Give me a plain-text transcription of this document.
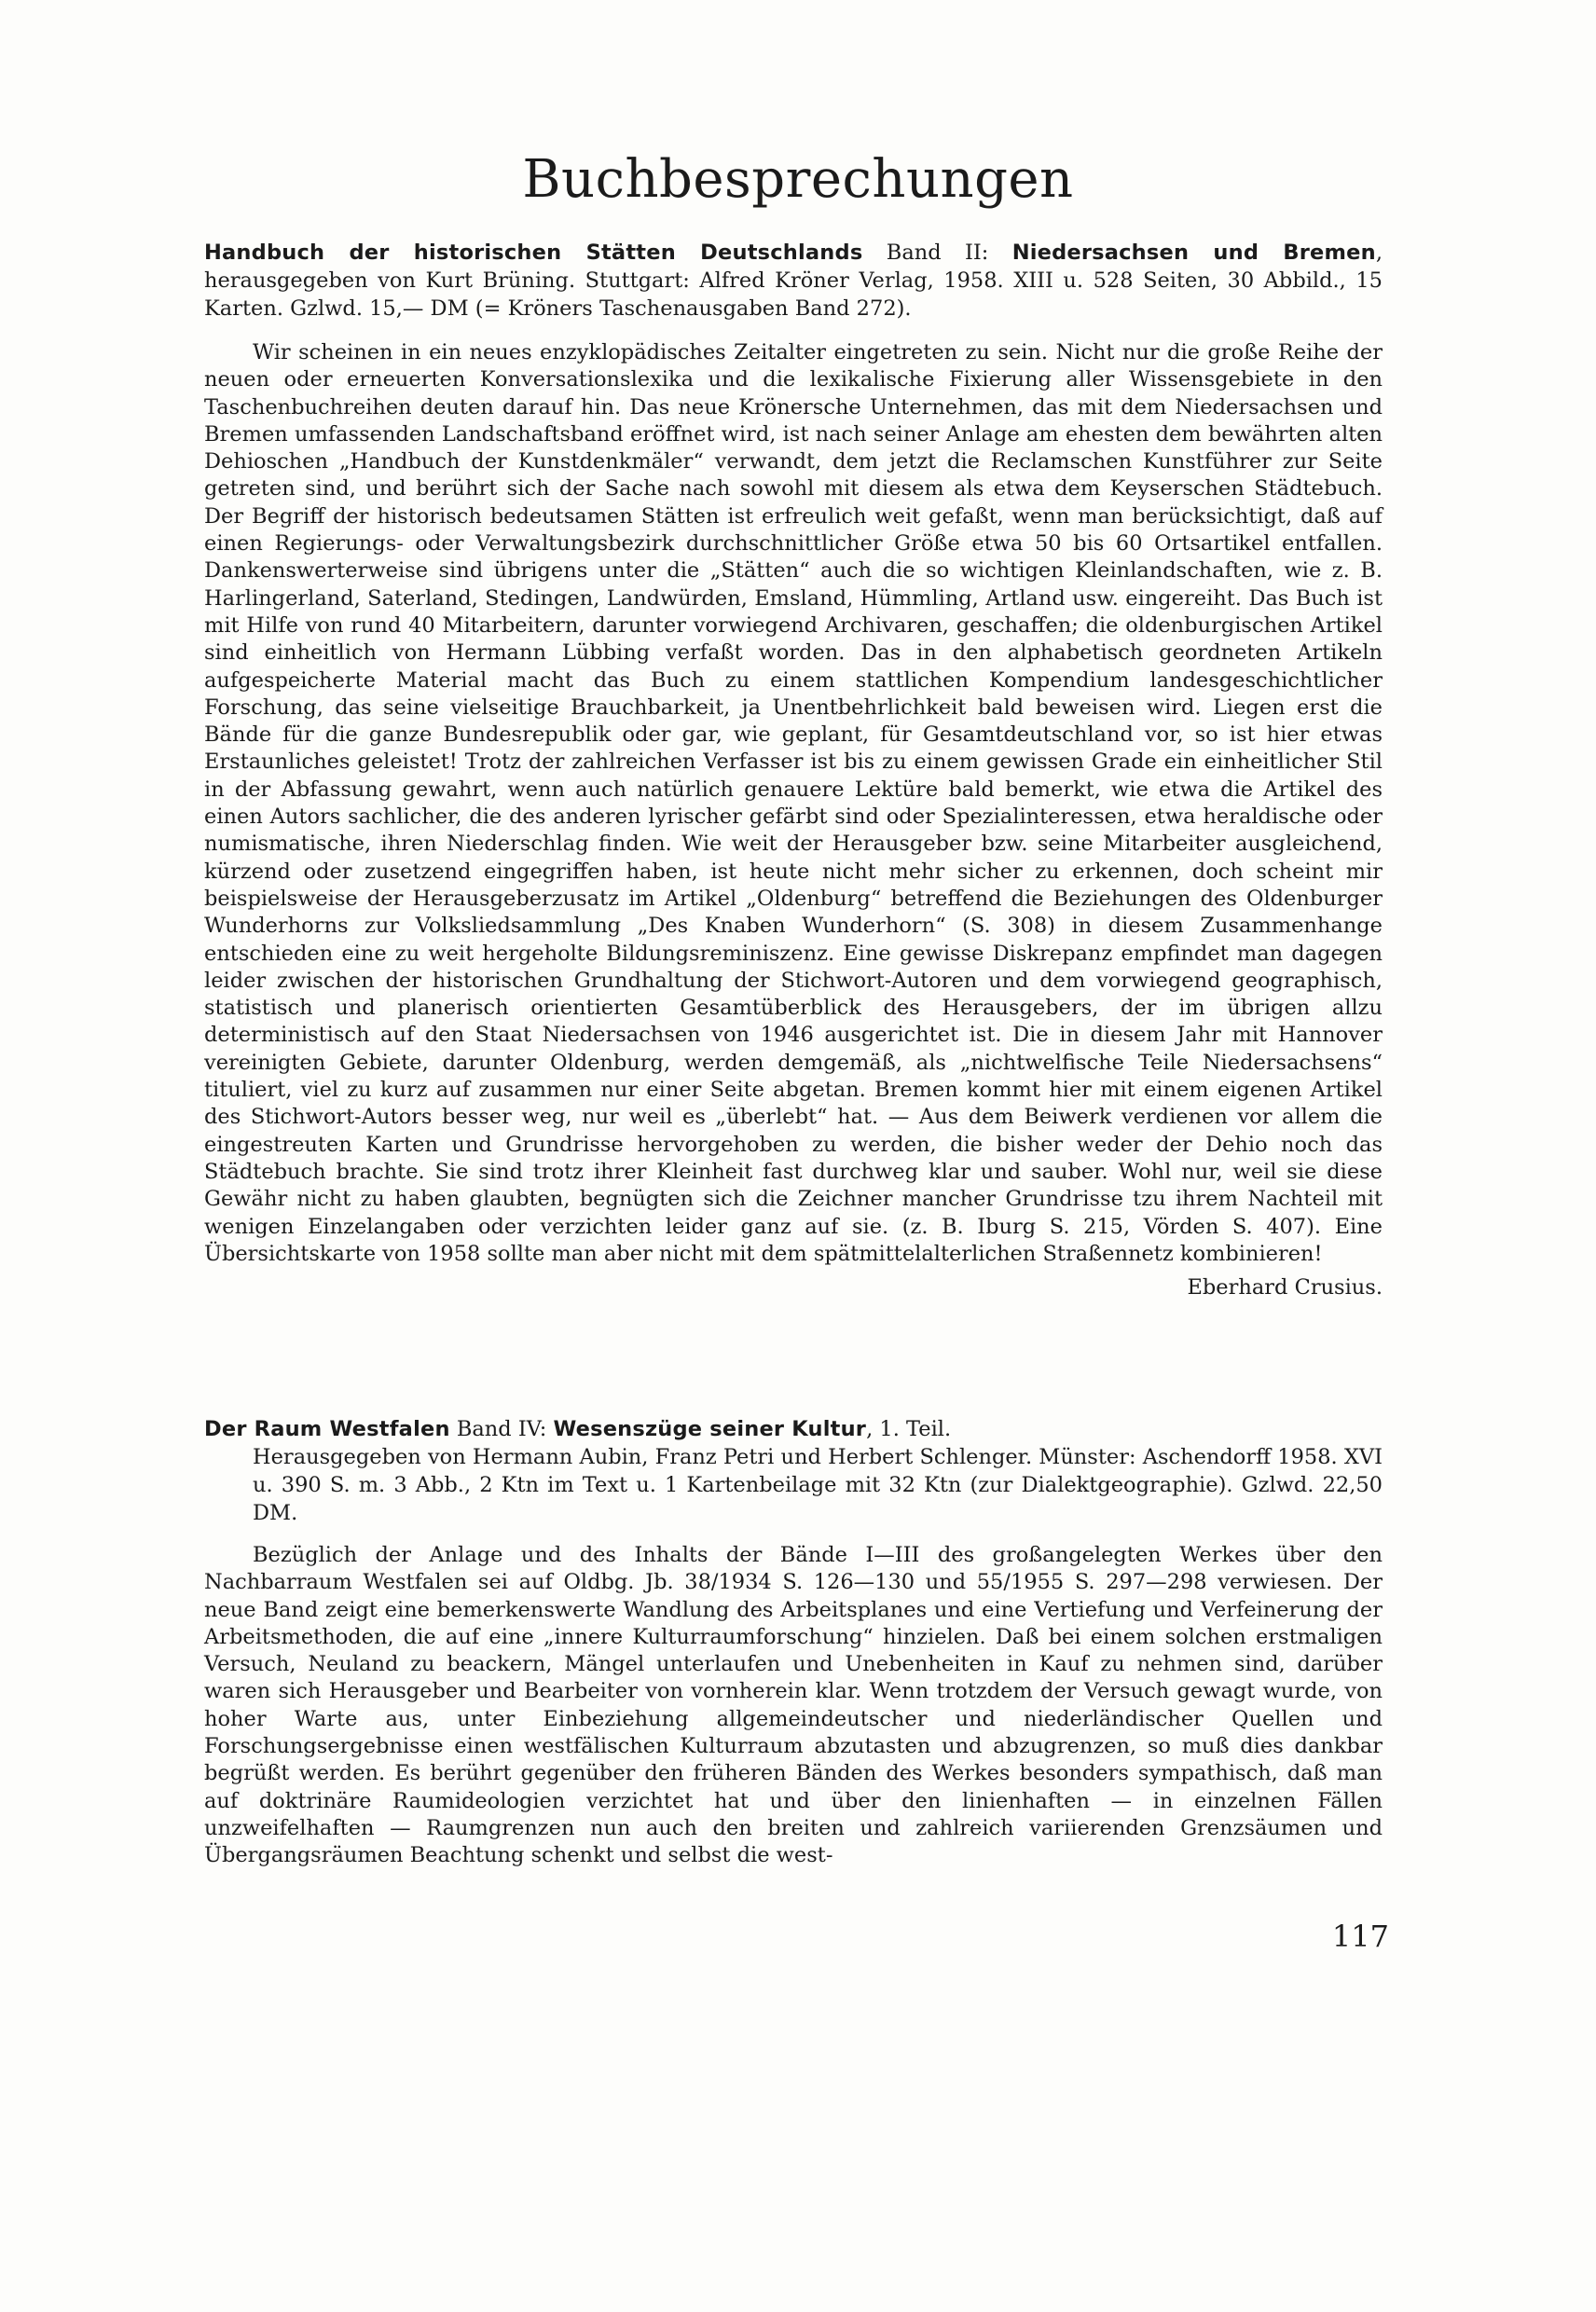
Buchbesprechungen
Handbuch der historischen Stätten Deutschlands Band II: Niedersachsen und Bremen, herausgegeben von Kurt Brüning. Stuttgart: Alfred Kröner Verlag, 1958. XIII u. 528 Seiten, 30 Abbild., 15 Karten. Gzlwd. 15,— DM (= Kröners Taschenausgaben Band 272).

Wir scheinen in ein neues enzyklopädisches Zeitalter eingetreten zu sein. Nicht nur die große Reihe der neuen oder erneuerten Konversationslexika und die lexikalische Fixierung aller Wissensgebiete in den Taschenbuchreihen deuten darauf hin. Das neue Krönersche Unternehmen, das mit dem Niedersachsen und Bremen umfassenden Landschaftsband eröffnet wird, ist nach seiner Anlage am ehesten dem bewährten alten Dehioschen „Handbuch der Kunstdenkmäler“ verwandt, dem jetzt die Reclamschen Kunstführer zur Seite getreten sind, und berührt sich der Sache nach sowohl mit diesem als etwa dem Keyserschen Städtebuch. Der Begriff der historisch bedeutsamen Stätten ist erfreulich weit gefaßt, wenn man berücksichtigt, daß auf einen Regierungs- oder Verwaltungsbezirk durchschnittlicher Größe etwa 50 bis 60 Ortsartikel entfallen. Dankenswerterweise sind übrigens unter die „Stätten“ auch die so wichtigen Kleinlandschaften, wie z. B. Harlingerland, Saterland, Stedingen, Landwürden, Emsland, Hümmling, Artland usw. eingereiht. Das Buch ist mit Hilfe von rund 40 Mitarbeitern, darunter vorwiegend Archivaren, geschaffen; die oldenburgischen Artikel sind einheitlich von Hermann Lübbing verfaßt worden. Das in den alphabetisch geordneten Artikeln aufgespeicherte Material macht das Buch zu einem stattlichen Kompendium landesgeschichtlicher Forschung, das seine vielseitige Brauchbarkeit, ja Unentbehrlichkeit bald beweisen wird. Liegen erst die Bände für die ganze Bundesrepublik oder gar, wie geplant, für Gesamtdeutschland vor, so ist hier etwas Erstaunliches geleistet! Trotz der zahlreichen Verfasser ist bis zu einem gewissen Grade ein einheitlicher Stil in der Abfassung gewahrt, wenn auch natürlich genauere Lektüre bald bemerkt, wie etwa die Artikel des einen Autors sachlicher, die des anderen lyrischer gefärbt sind oder Spezialinteressen, etwa heraldische oder numismatische, ihren Niederschlag finden. Wie weit der Herausgeber bzw. seine Mitarbeiter ausgleichend, kürzend oder zusetzend eingegriffen haben, ist heute nicht mehr sicher zu erkennen, doch scheint mir beispielsweise der Herausgeberzusatz im Artikel „Oldenburg“ betreffend die Beziehungen des Oldenburger Wunderhorns zur Volksliedsammlung „Des Knaben Wunderhorn“ (S. 308) in diesem Zusammenhange entschieden eine zu weit hergeholte Bildungsreminiszenz. Eine gewisse Diskrepanz empfindet man dagegen leider zwischen der historischen Grundhaltung der Stichwort-Autoren und dem vorwiegend geographisch, statistisch und planerisch orientierten Gesamtüberblick des Herausgebers, der im übrigen allzu deterministisch auf den Staat Niedersachsen von 1946 ausgerichtet ist. Die in diesem Jahr mit Hannover vereinigten Gebiete, darunter Oldenburg, werden demgemäß, als „nichtwelfische Teile Niedersachsens“ tituliert, viel zu kurz auf zusammen nur einer Seite abgetan. Bremen kommt hier mit einem eigenen Artikel des Stichwort-Autors besser weg, nur weil es „überlebt“ hat. — Aus dem Beiwerk verdienen vor allem die eingestreuten Karten und Grundrisse hervorgehoben zu werden, die bisher weder der Dehio noch das Städtebuch brachte. Sie sind trotz ihrer Kleinheit fast durchweg klar und sauber. Wohl nur, weil sie diese Gewähr nicht zu haben glaubten, begnügten sich die Zeichner mancher Grundrisse tzu ihrem Nachteil mit wenigen Einzelangaben oder verzichten leider ganz auf sie. (z. B. Iburg S. 215, Vörden S. 407). Eine Übersichtskarte von 1958 sollte man aber nicht mit dem spätmittelalterlichen Straßennetz kombinieren!

Eberhard Crusius.
Der Raum Westfalen Band IV: Wesenszüge seiner Kultur, 1. Teil.
Herausgegeben von Hermann Aubin, Franz Petri und Herbert Schlenger. Münster: Aschendorff 1958. XVI u. 390 S. m. 3 Abb., 2 Ktn im Text u. 1 Kartenbeilage mit 32 Ktn (zur Dialektgeographie). Gzlwd. 22,50 DM.

Bezüglich der Anlage und des Inhalts der Bände I—III des großangelegten Werkes über den Nachbarraum Westfalen sei auf Oldbg. Jb. 38/1934 S. 126—130 und 55/1955 S. 297—298 verwiesen. Der neue Band zeigt eine bemerkenswerte Wandlung des Arbeitsplanes und eine Vertiefung und Verfeinerung der Arbeitsmethoden, die auf eine „innere Kulturraumforschung“ hinzielen. Daß bei einem solchen erstmaligen Versuch, Neuland zu beackern, Mängel unterlaufen und Unebenheiten in Kauf zu nehmen sind, darüber waren sich Herausgeber und Bearbeiter von vornherein klar. Wenn trotzdem der Versuch gewagt wurde, von hoher Warte aus, unter Einbeziehung allgemeindeutscher und niederländischer Quellen und Forschungsergebnisse einen westfälischen Kulturraum abzutasten und abzugrenzen, so muß dies dankbar begrüßt werden. Es berührt gegenüber den früheren Bänden des Werkes besonders sympathisch, daß man auf doktrinäre Raumideologien verzichtet hat und über den linienhaften — in einzelnen Fällen unzweifelhaften — Raumgrenzen nun auch den breiten und zahlreich variierenden Grenzsäumen und Übergangsräumen Beachtung schenkt und selbst die west-

117
